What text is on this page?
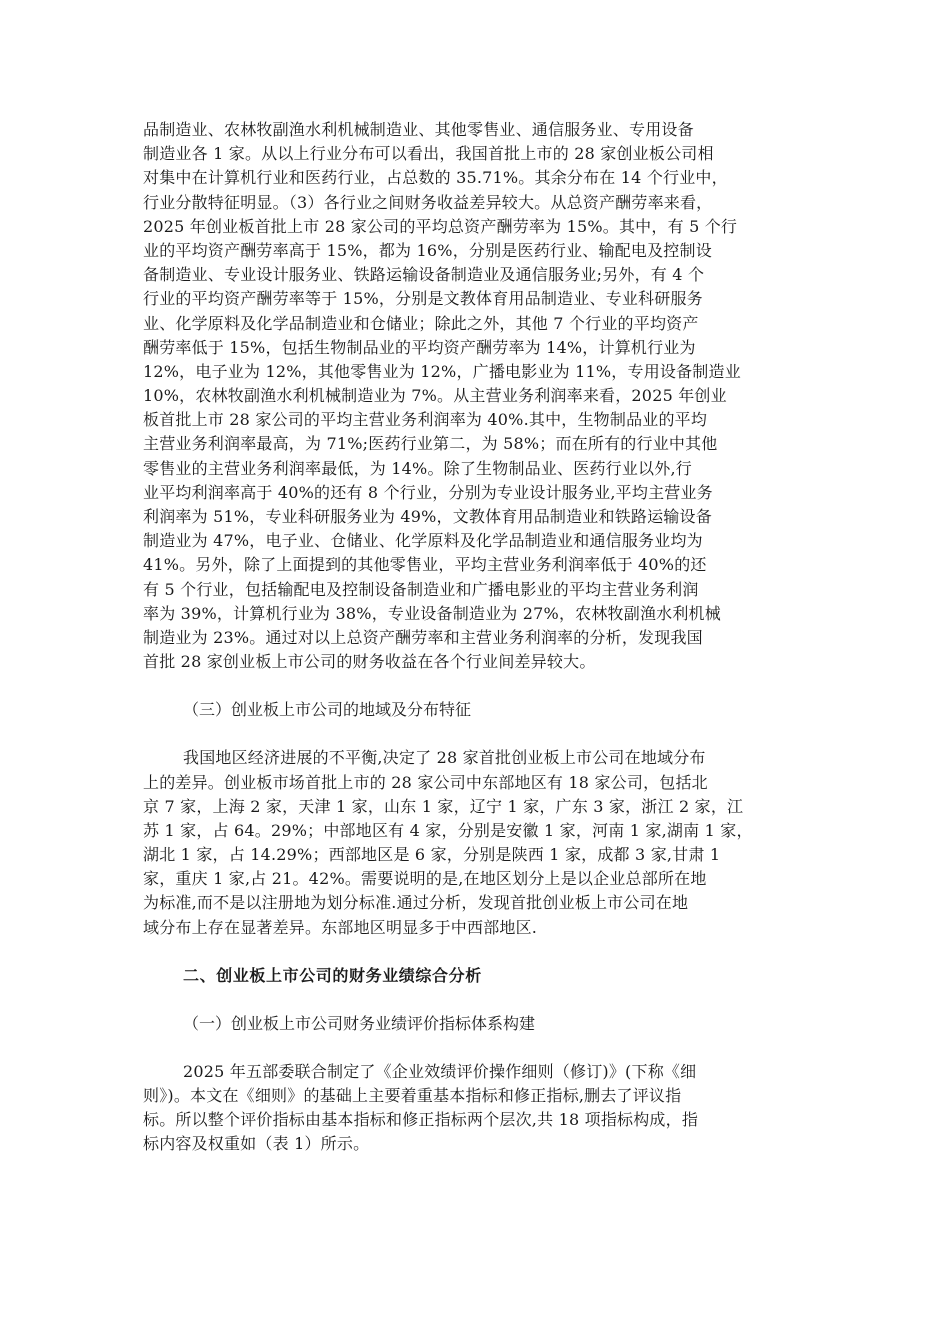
品制造业、农林牧副渔水利机械制造业、其他零售业、通信服务业、专用设备
制造业各 1 家。从以上行业分布可以看出，我国首批上市的 28 家创业板公司相
对集中在计算机行业和医药行业，占总数的 35.71%。其余分布在 14 个行业中，
行业分散特征明显。（3）各行业之间财务收益差异较大。从总资产酬劳率来看，
2025 年创业板首批上市 28 家公司的平均总资产酬劳率为 15%。其中，有 5 个行
业的平均资产酬劳率高于 15%，都为 16%，分别是医药行业、输配电及控制设
备制造业、专业设计服务业、铁路运输设备制造业及通信服务业;另外，有 4 个
行业的平均资产酬劳率等于 15%，分别是文教体育用品制造业、专业科研服务
业、化学原料及化学品制造业和仓储业；除此之外，其他 7 个行业的平均资产
酬劳率低于 15%，包括生物制品业的平均资产酬劳率为 14%，计算机行业为
12%，电子业为 12%，其他零售业为 12%，广播电影业为 11%，专用设备制造业
10%，农林牧副渔水利机械制造业为 7%。从主营业务利润率来看，2025 年创业
板首批上市 28 家公司的平均主营业务利润率为 40%.其中，生物制品业的平均
主营业务利润率最高，为 71%;医药行业第二，为 58%；而在所有的行业中其他
零售业的主营业务利润率最低，为 14%。除了生物制品业、医药行业以外,行
业平均利润率高于 40%的还有 8 个行业，分别为专业设计服务业,平均主营业务
利润率为 51%，专业科研服务业为 49%，文教体育用品制造业和铁路运输设备
制造业为 47%，电子业、仓储业、化学原料及化学品制造业和通信服务业均为
41%。另外，除了上面提到的其他零售业，平均主营业务利润率低于 40%的还
有 5 个行业，包括输配电及控制设备制造业和广播电影业的平均主营业务利润
率为 39%，计算机行业为 38%，专业设备制造业为 27%，农林牧副渔水利机械
制造业为 23%。通过对以上总资产酬劳率和主营业务利润率的分析，发现我国
首批 28 家创业板上市公司的财务收益在各个行业间差异较大。
（三）创业板上市公司的地域及分布特征
我国地区经济进展的不平衡,决定了 28 家首批创业板上市公司在地域分布
上的差异。创业板市场首批上市的 28 家公司中东部地区有 18 家公司，包括北
京 7 家，上海 2 家，天津 1 家，山东 1 家，辽宁 1 家，广东 3 家，浙江 2 家，江
苏 1 家，占 64。29%；中部地区有 4 家，分别是安徽 1 家，河南 1 家,湖南 1 家，
湖北 1 家，占 14.29%；西部地区是 6 家，分别是陕西 1 家，成都 3 家,甘肃 1
家，重庆 1 家,占 21。42%。需要说明的是,在地区划分上是以企业总部所在地
为标准,而不是以注册地为划分标准.通过分析，发现首批创业板上市公司在地
域分布上存在显著差异。东部地区明显多于中西部地区.
二、创业板上市公司的财务业绩综合分析
（一）创业板上市公司财务业绩评价指标体系构建
2025 年五部委联合制定了《企业效绩评价操作细则（修订)》(下称《细
则》)。本文在《细则》的基础上主要着重基本指标和修正指标,删去了评议指
标。所以整个评价指标由基本指标和修正指标两个层次,共 18 项指标构成，指
标内容及权重如（表 1）所示。
